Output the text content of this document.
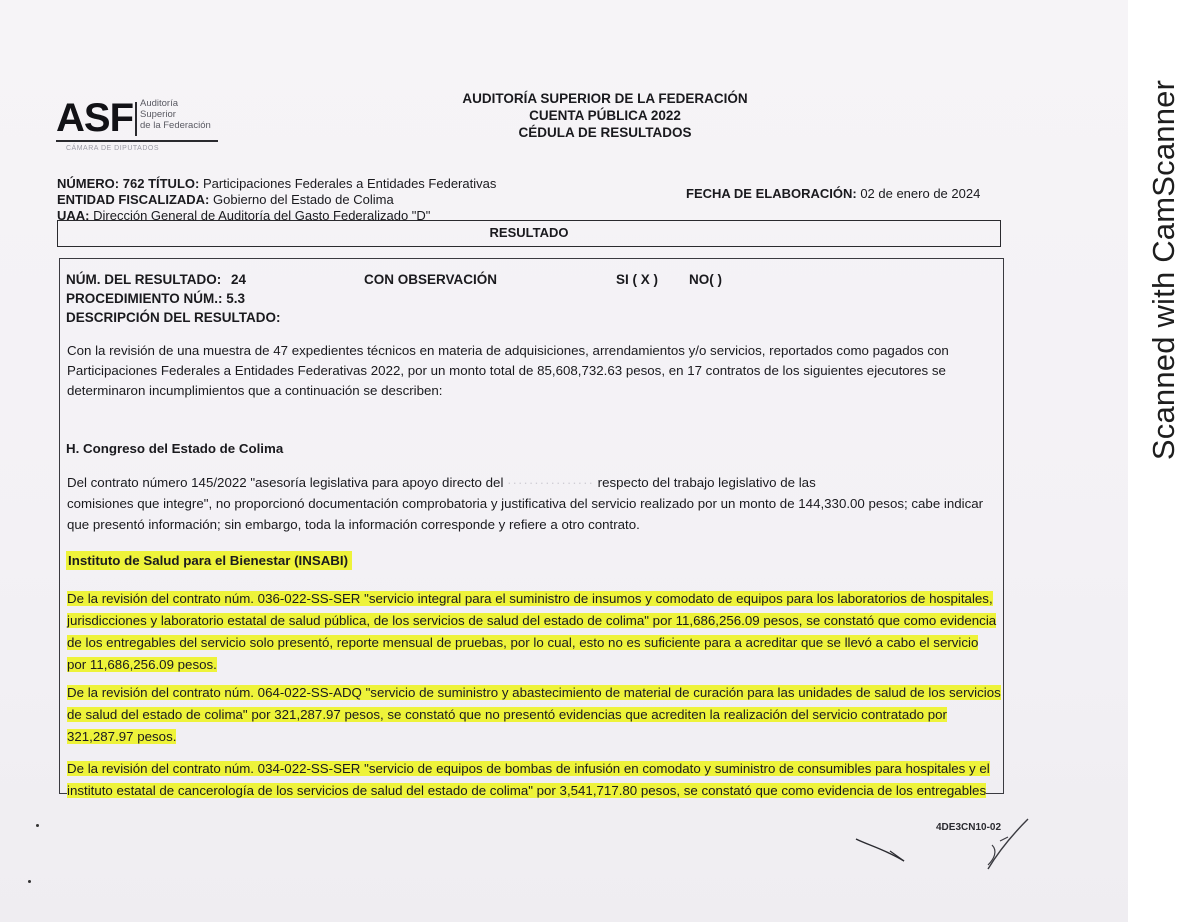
Scanned with CamScanner
ASF Auditoría
Superior
de la Federación
CÁMARA DE DIPUTADOS
AUDITORÍA SUPERIOR DE LA FEDERACIÓN
CUENTA PÚBLICA 2022
CÉDULA DE RESULTADOS
NÚMERO: 762 TÍTULO: Participaciones Federales a Entidades Federativas
ENTIDAD FISCALIZADA: Gobierno del Estado de Colima
UAA: Dirección General de Auditoría del Gasto Federalizado "D"
FECHA DE ELABORACIÓN: 02 de enero de 2024
RESULTADO
NÚM. DEL RESULTADO: 24	CON OBSERVACIÓN	SI ( X ) NO( )
PROCEDIMIENTO NÚM.: 5.3
DESCRIPCIÓN DEL RESULTADO:
Con la revisión de una muestra de 47 expedientes técnicos en materia de adquisiciones, arrendamientos y/o servicios, reportados como pagados con
Participaciones Federales a Entidades Federativas 2022, por un monto total de 85,608,732.63 pesos, en 17 contratos de los siguientes ejecutores se
determinaron incumplimientos que a continuación se describen:
H. Congreso del Estado de Colima
Del contrato número 145/2022 "asesoría legislativa para apoyo directo del ················ respecto del trabajo legislativo de las
comisiones que integre", no proporcionó documentación comprobatoria y justificativa del servicio realizado por un monto de 144,330.00 pesos; cabe indicar
que presentó información; sin embargo, toda la información corresponde y refiere a otro contrato.
Instituto de Salud para el Bienestar (INSABI)
De la revisión del contrato núm. 036-022-SS-SER "servicio integral para el suministro de insumos y comodato de equipos para los laboratorios de hospitales,
jurisdicciones y laboratorio estatal de salud pública, de los servicios de salud del estado de colima" por 11,686,256.09 pesos, se constató que como evidencia
de los entregables del servicio solo presentó, reporte mensual de pruebas, por lo cual, esto no es suficiente para a acreditar que se llevó a cabo el servicio
por 11,686,256.09 pesos.
De la revisión del contrato núm. 064-022-SS-ADQ "servicio de suministro y abastecimiento de material de curación para las unidades de salud de los servicios
de salud del estado de colima" por 321,287.97 pesos, se constató que no presentó evidencias que acrediten la realización del servicio contratado por
321,287.97 pesos.
De la revisión del contrato núm. 034-022-SS-SER "servicio de equipos de bombas de infusión en comodato y suministro de consumibles para hospitales y el
instituto estatal de cancerología de los servicios de salud del estado de colima" por 3,541,717.80 pesos, se constató que como evidencia de los entregables
4DE3CN10-02
